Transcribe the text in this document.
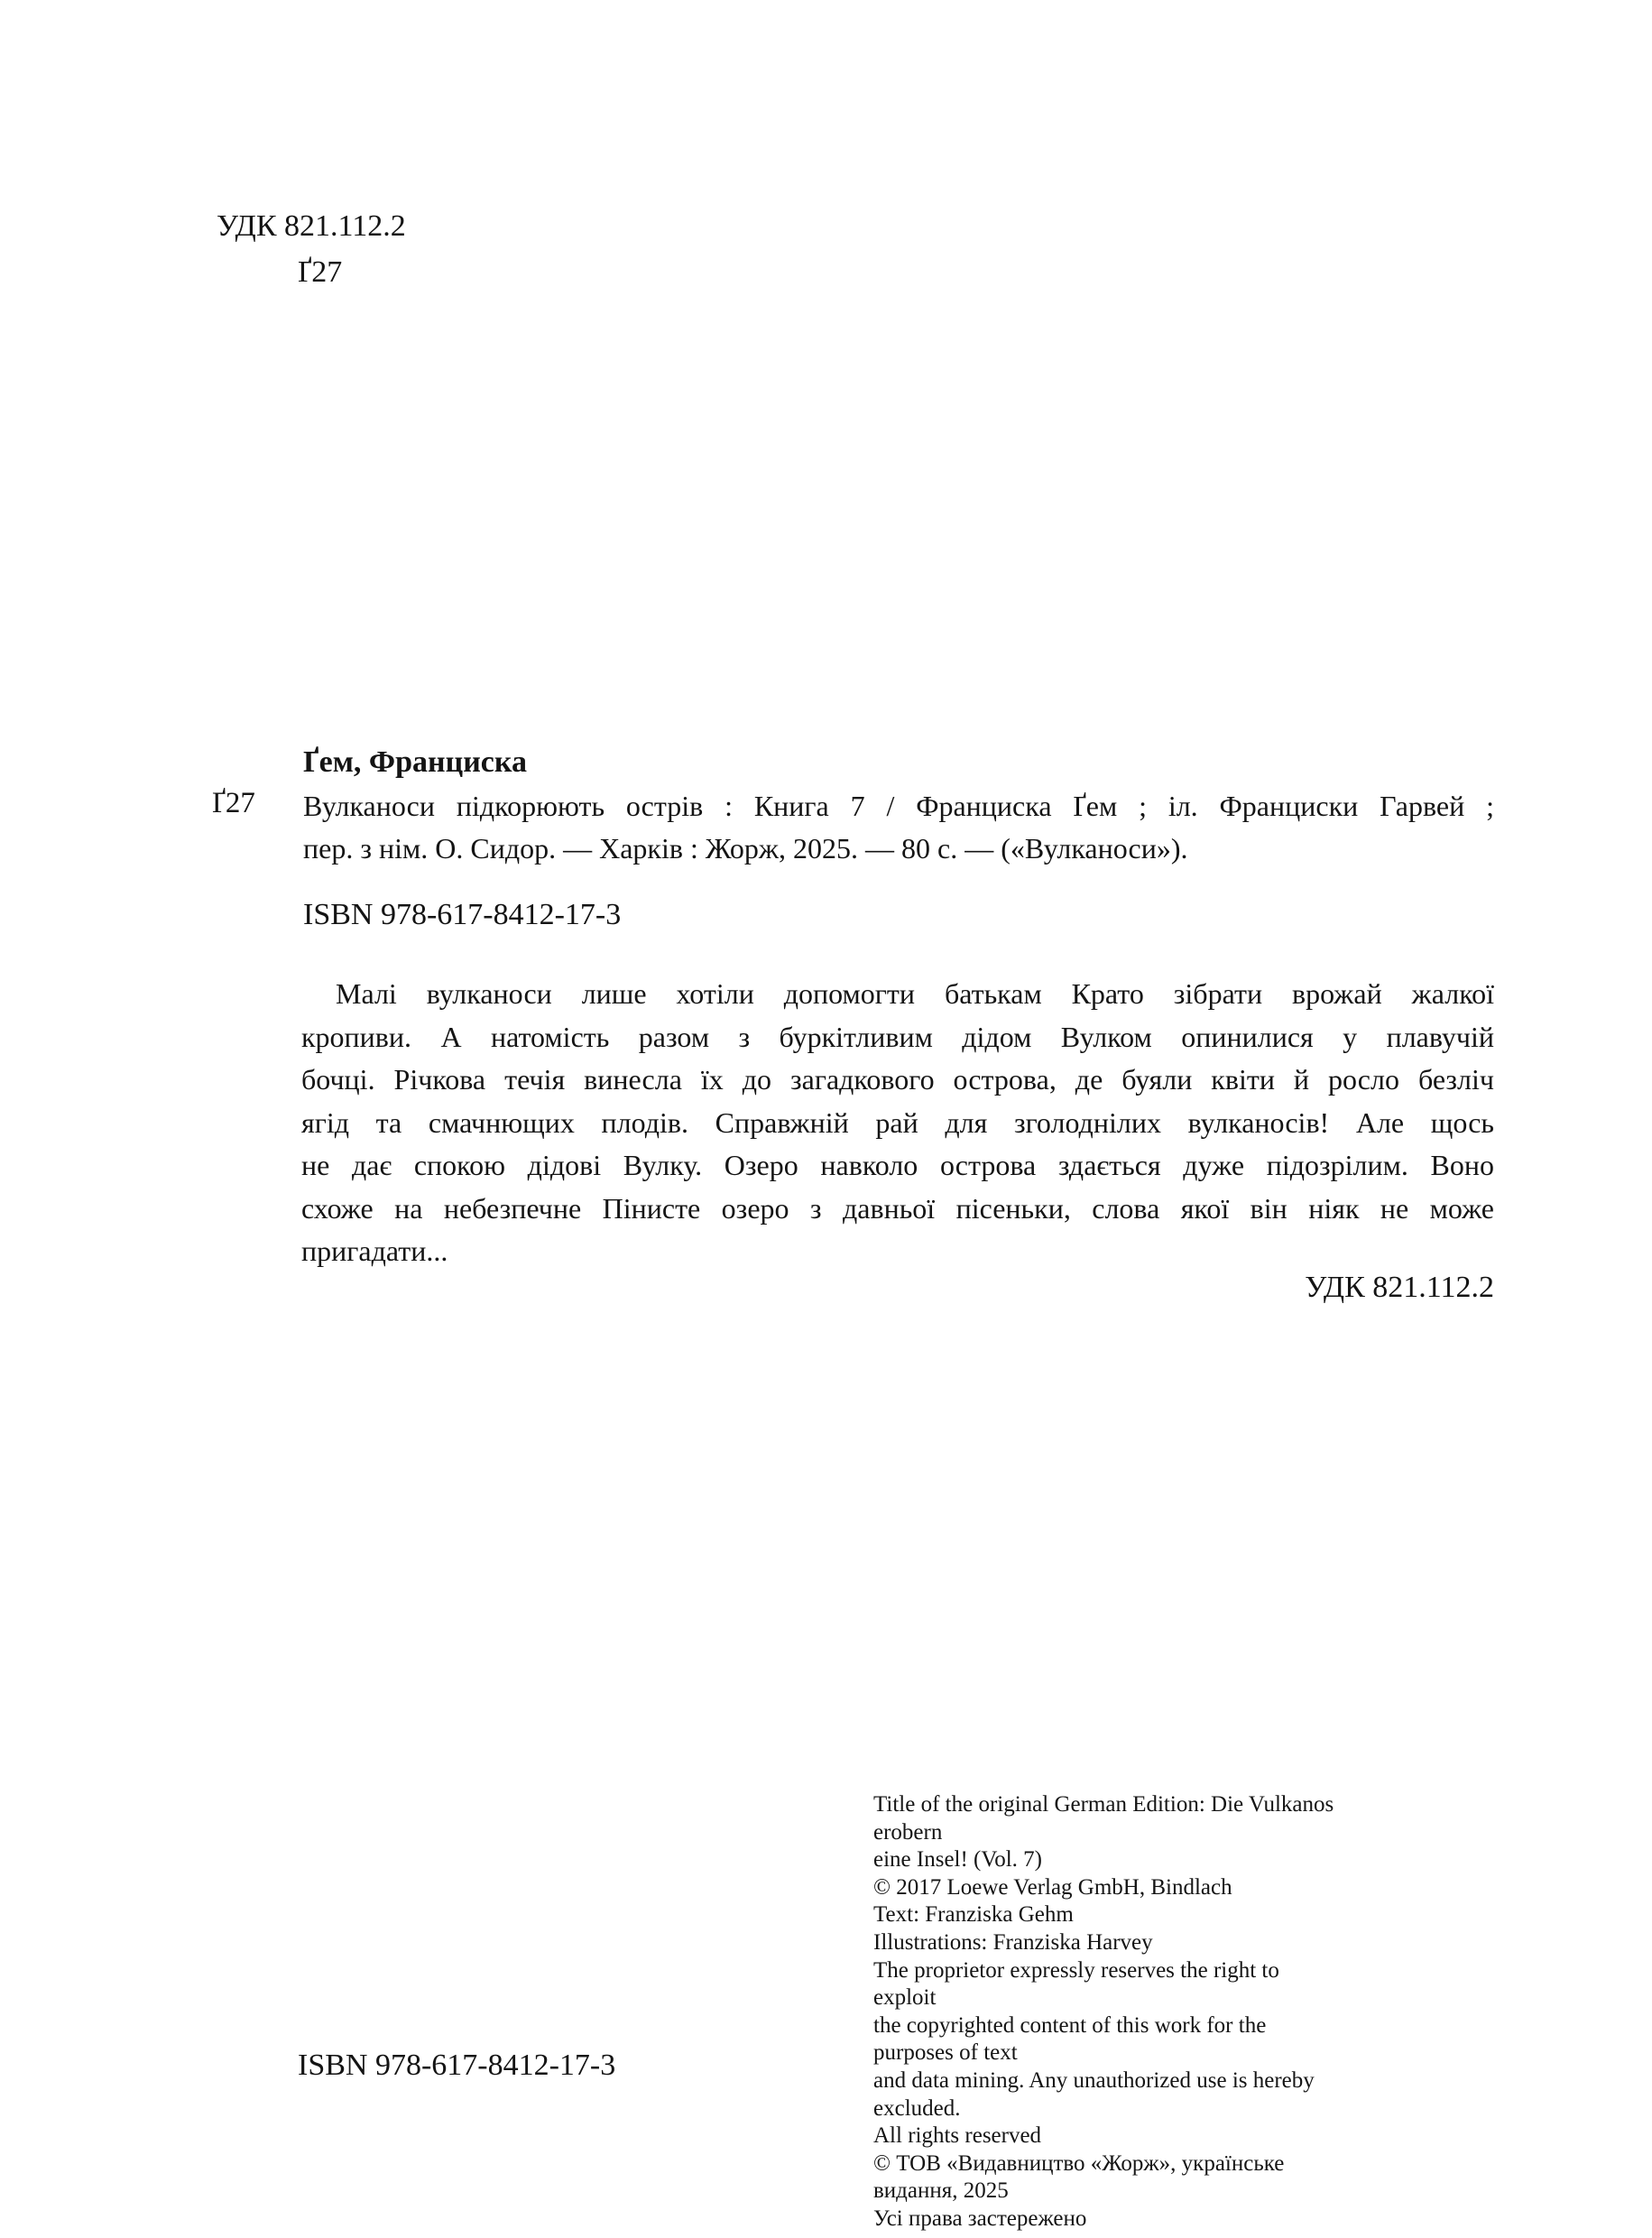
УДК 821.112.2
Ґ27
Ґем, Франциска
Ґ27 Вулканоси підкорюють острів : Книга 7 / Франциска Ґем ; іл. Франциски Гарвей ;
пер. з нім. О. Сидор. — Харків : Жорж, 2025. — 80 с. — («Вулканоси»).
ISBN 978-617-8412-17-3
Малі вулканоси лише хотіли допомогти батькам Крато зібрати врожай жалкої
кропиви. А натомість разом з буркітливим дідом Вулком опинилися у плавучій
бочці. Річкова течія винесла їх до загадкового острова, де буяли квіти й росло безліч
ягід та смачнющих плодів. Справжній рай для зголоднілих вулканосів! Але щось
не дає спокою дідові Вулку. Озеро навколо острова здається дуже підозрілим. Воно
схоже на небезпечне Пінисте озеро з давньої пісеньки, слова якої він ніяк не може
пригадати...
УДК 821.112.2
Title of the original German Edition: Die Vulkanos erobern
eine Insel! (Vol. 7)
© 2017 Loewe Verlag GmbH, Bindlach
Text: Franziska Gehm
Illustrations: Franziska Harvey
The proprietor expressly reserves the right to exploit
the copyrighted content of this work for the purposes of text
and data mining. Any unauthorized use is hereby excluded.
All rights reserved
© ТОВ «Видавництво «Жорж», українське видання, 2025
Усі права застережено
ISBN 978-617-8412-17-3
